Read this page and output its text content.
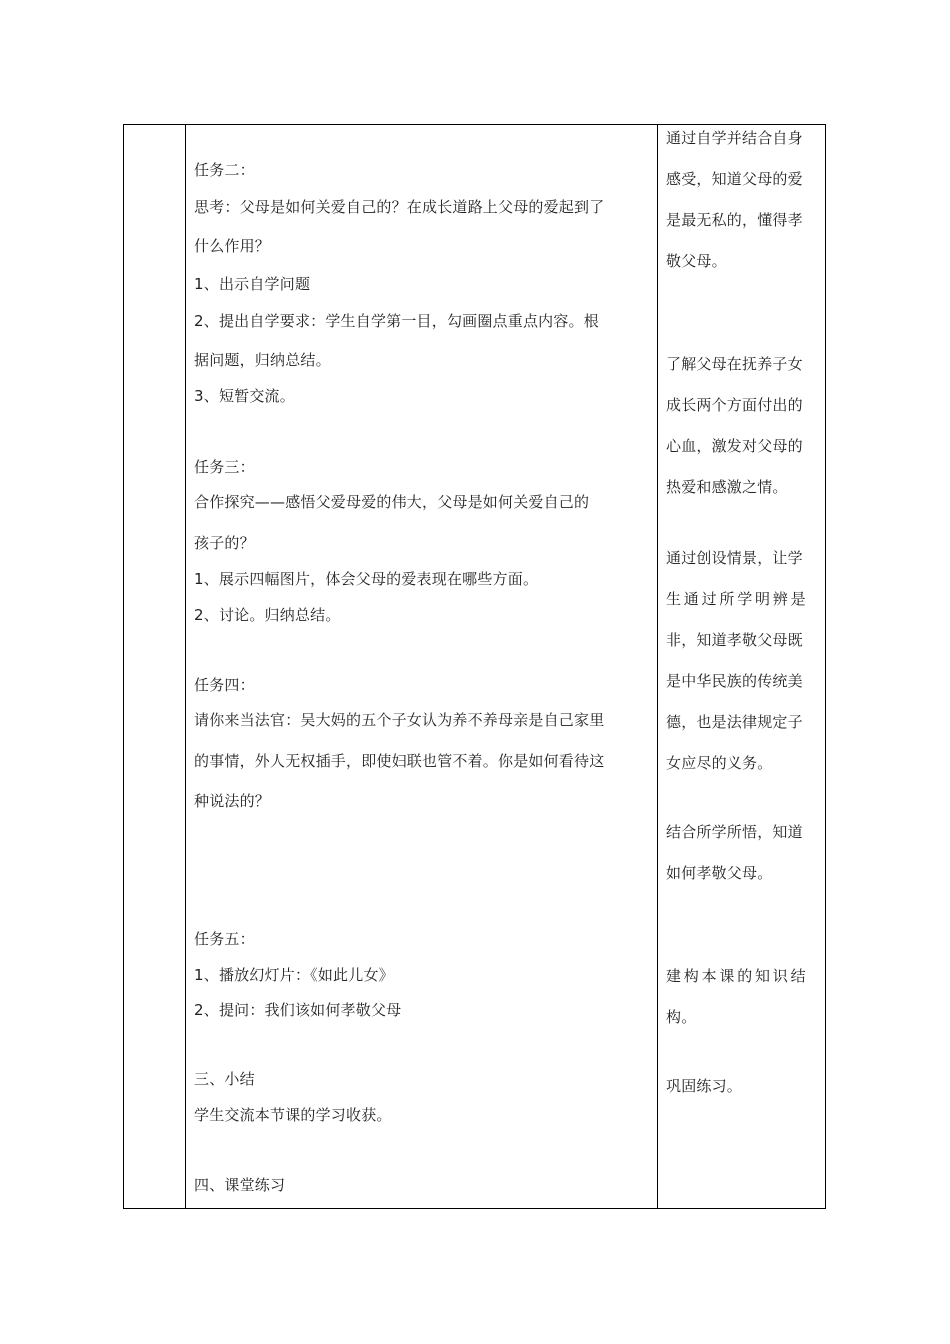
任务二：
思考：父母是如何关爱自己的？在成长道路上父母的爱起到了
什么作用？
1、出示自学问题
2、提出自学要求：学生自学第一目，勾画圈点重点内容。根
据问题，归纳总结。
3、短暂交流。
任务三：
合作探究——感悟父爱母爱的伟大，父母是如何关爱自己的
孩子的？
1、展示四幅图片，体会父母的爱表现在哪些方面。
2、讨论。归纳总结。
任务四：
请你来当法官：吴大妈的五个子女认为养不养母亲是自己家里
的事情，外人无权插手，即使妇联也管不着。你是如何看待这
种说法的？
任务五：
1、播放幻灯片：《如此儿女》
2、提问：我们该如何孝敬父母
三、小结
学生交流本节课的学习收获。
四、课堂练习
通过自学并结合自身
感受，知道父母的爱
是最无私的，懂得孝
敬父母。
了解父母在抚养子女
成长两个方面付出的
心血，激发对父母的
热爱和感激之情。
通过创设情景，让学
生通过所学明辨是
非，知道孝敬父母既
是中华民族的传统美
德，也是法律规定子
女应尽的义务。
结合所学所悟，知道
如何孝敬父母。
建构本课的知识结
构。
巩固练习。
